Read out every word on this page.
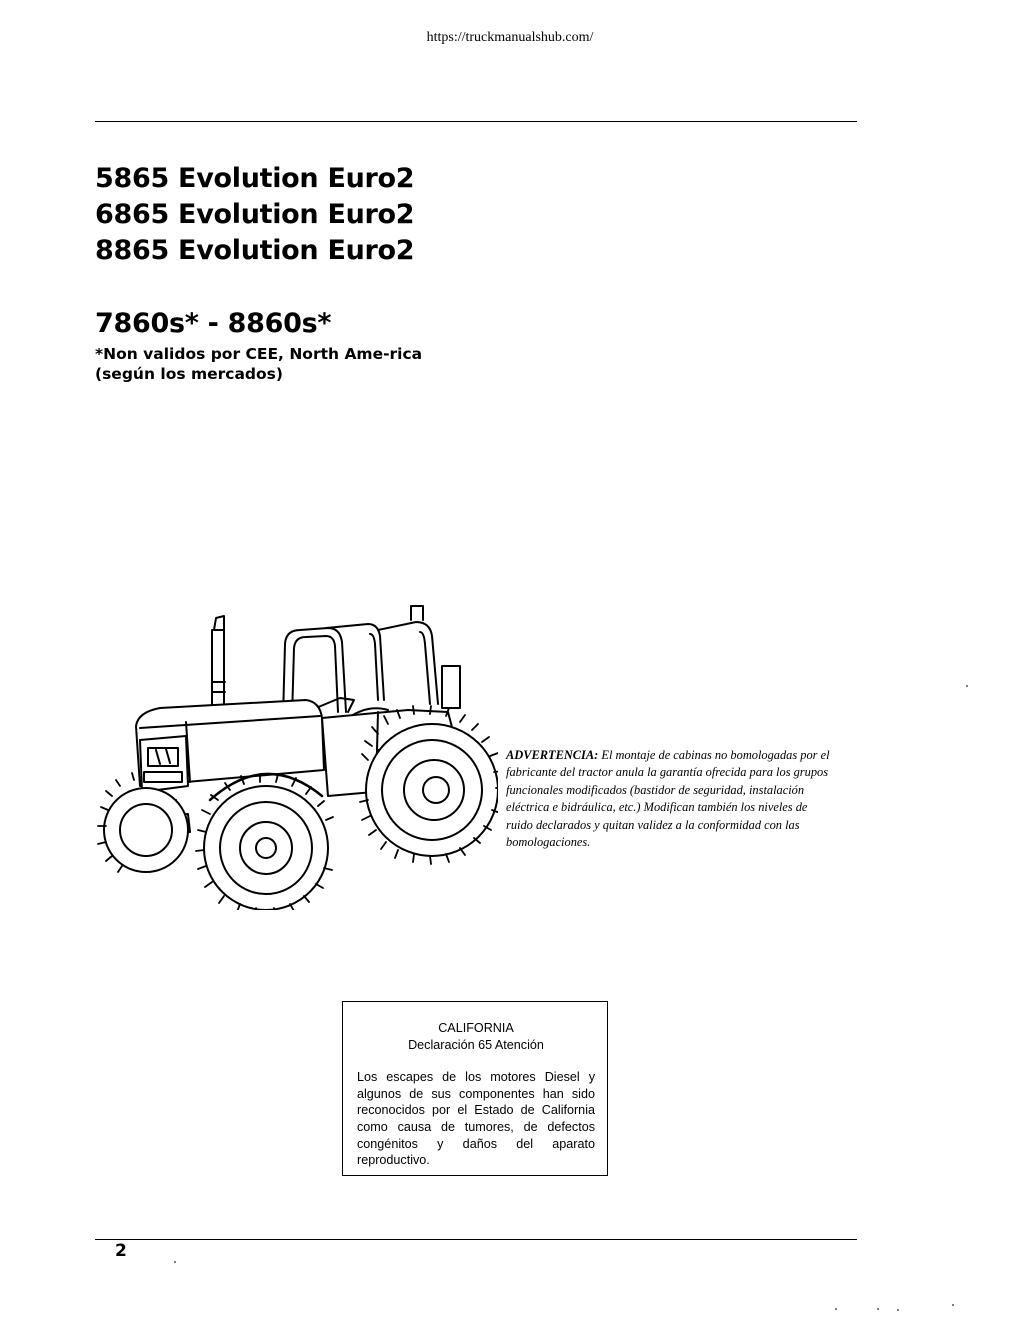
https://truckmanualshub.com/
5865 Evolution Euro2
6865 Evolution Euro2
8865 Evolution Euro2
7860s* - 8860s*
*Non validos por CEE, North Ame-rica (según los mercados)
ADVERTENCIA: El montaje de cabinas no bomologadas por el fabricante del tractor anula la garantía ofrecida para los grupos funcionales modificados (bastidor de seguridad, instalación eléctrica e bidráulica, etc.) Modifican también los niveles de ruido declarados y quitan validez a la conformidad con las bomologaciones.
CALIFORNIA
Declaración 65 Atención
Los escapes de los motores Diesel y algunos de sus componentes han sido reconocidos por el Estado de California como causa de tumores, de defectos congénitos y daños del aparato reproductivo.
2
